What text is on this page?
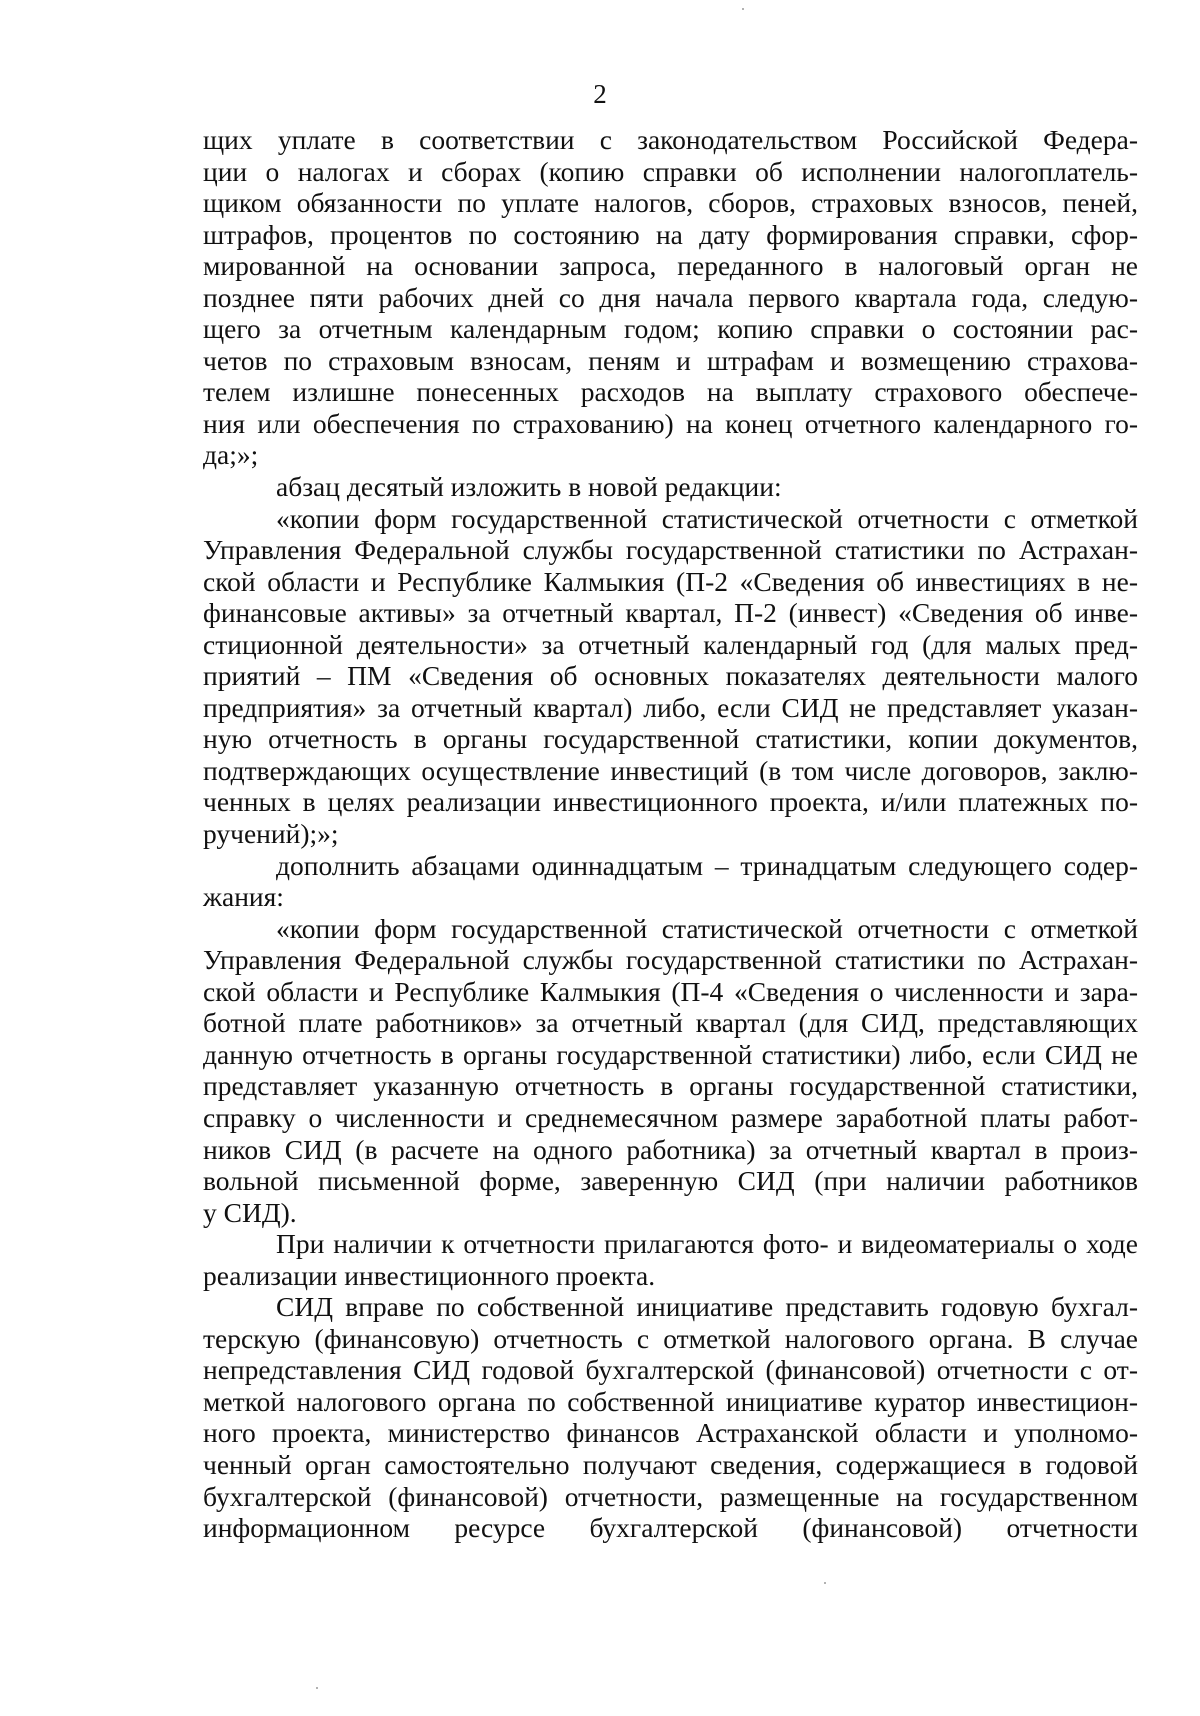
2
щих уплате в соответствии с законодательством Российской Федера-
ции о налогах и сборах (копию справки об исполнении налогоплатель-
щиком обязанности по уплате налогов, сборов, страховых взносов, пеней,
штрафов, процентов по состоянию на дату формирования справки, сфор-
мированной на основании запроса, переданного в налоговый орган не
позднее пяти рабочих дней со дня начала первого квартала года, следую-
щего за отчетным календарным годом; копию справки о состоянии рас-
четов по страховым взносам, пеням и штрафам и возмещению страхова-
телем излишне понесенных расходов на выплату страхового обеспече-
ния или обеспечения по страхованию) на конец отчетного календарного го-
да;»;
абзац десятый изложить в новой редакции:
«копии форм государственной статистической отчетности с отметкой
Управления Федеральной службы государственной статистики по Астрахан-
ской области и Республике Калмыкия (П-2 «Сведения об инвестициях в не-
финансовые активы» за отчетный квартал, П-2 (инвест) «Сведения об инве-
стиционной деятельности» за отчетный календарный год (для малых пред-
приятий – ПМ «Сведения об основных показателях деятельности малого
предприятия» за отчетный квартал) либо, если СИД не представляет указан-
ную отчетность в органы государственной статистики, копии документов,
подтверждающих осуществление инвестиций (в том числе договоров, заклю-
ченных в целях реализации инвестиционного проекта, и/или платежных по-
ручений);»;
дополнить абзацами одиннадцатым – тринадцатым следующего содер-
жания:
«копии форм государственной статистической отчетности с отметкой
Управления Федеральной службы государственной статистики по Астрахан-
ской области и Республике Калмыкия (П-4 «Сведения о численности и зара-
ботной плате работников» за отчетный квартал (для СИД, представляющих
данную отчетность в органы государственной статистики) либо, если СИД не
представляет указанную отчетность в органы государственной статистики,
справку о численности и среднемесячном размере заработной платы работ-
ников СИД (в расчете на одного работника) за отчетный квартал в произ-
вольной письменной форме, заверенную СИД (при наличии работников
у СИД).
При наличии к отчетности прилагаются фото- и видеоматериалы о ходе
реализации инвестиционного проекта.
СИД вправе по собственной инициативе представить годовую бухгал-
терскую (финансовую) отчетность с отметкой налогового органа. В случае
непредставления СИД годовой бухгалтерской (финансовой) отчетности с от-
меткой налогового органа по собственной инициативе куратор инвестицион-
ного проекта, министерство финансов Астраханской области и уполномо-
ченный орган самостоятельно получают сведения, содержащиеся в годовой
бухгалтерской (финансовой) отчетности, размещенные на государственном
информационном ресурсе бухгалтерской (финансовой) отчетности
